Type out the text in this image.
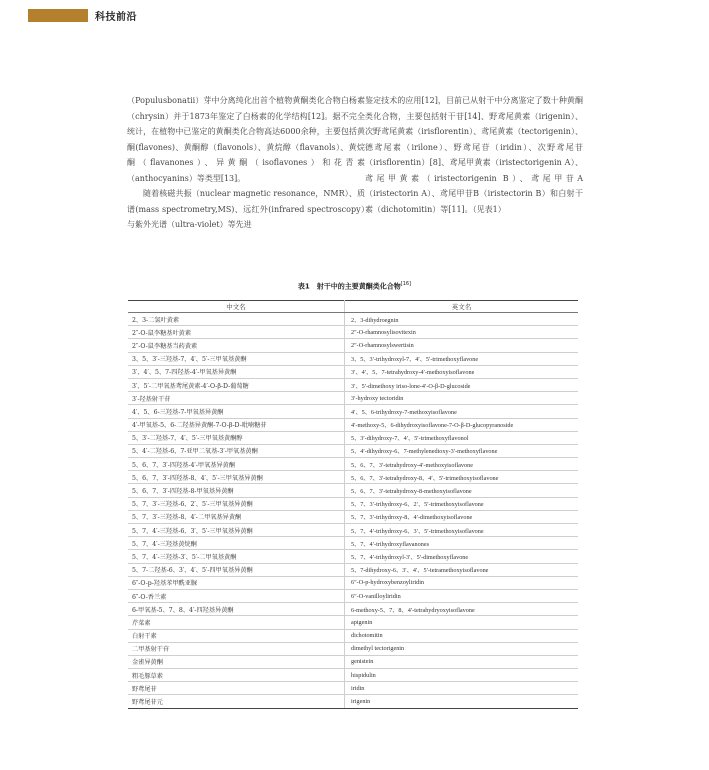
科技前沿

（Populusbonatii）芽中分离纯化出首个植物黄酮类化合物白杨素（chrysin）并于1873年鉴定了白杨素的化学结构[12]。据不完全统计，在植物中已鉴定的黄酮类化合物高达6000余种，主要包括黄酮(flavones)、黄酮醇（flavonols）、黄烷醇（flavanols）、黄烷酮（flavanones）、异黄酮（isoflavones）和花青素（anthocyanins）等类型[13]。

随着核磁共振（nuclear magnetic resonance，NMR）、质谱(mass spectrometry,MS)、远红外(infrared spectroscopy）与紫外光谱（ultra-violet）等先进

鉴定技术的应用[12]，目前已从射干中分离鉴定了数十种黄酮类化合物，主要包括射干苷[14]、野鸢尾黄素（irigenin）、次野鸢尾黄素（irisflorentin）、鸢尾黄素（tectorigenin）、德鸢尾素（irilone）、野鸢尾苷（iridin）、次野鸢尾苷（irisflorentin）[8]、鸢尾甲黄素（iristectorigenin A）、鸢尾甲黄素（iristectorigenin B）、鸢尾甲苷A（iristectorin A）、鸢尾甲苷B（iristectorin B）和白射干素（dichotomitin）等[11]。（见表1）

表1　射干中的主要黄酮类化合物[16]
中文名	英文名
2、3-二氢叶黄素	2、3-dihydroegnin
2″-O-鼠李糖基叶黄素	2″-O-rhamnosylisovitexin
2″-O-鼠李糖基当药黄素	2″-O-rhamnosylswertisin
3、5、3′-三羟基-7、4′、5′-三甲氧基黄酮	3、5、3′-trihydroxyl-7、4′、5′-trimethoxyflavone
3′、4′、5、7-四羟基-4′-甲氧基异黄酮	3′、4′、5、7-tetrahydroxy-4′-methoxyisoflavone
3′、5′-二甲氧基鸢尾黄素-4′-O-β-D-葡萄糖	3′、5′-dimethoxy iriso-lone-4′-O-β-D-glucoside
3′-羟基射干苷	3′-hydroxy tectoridin
4′、5、6-三羟基-7-甲氧基异黄酮	4′、5、6-trihydroxy-7-methoxyisoflavone
4′-甲氧基-5、6-二羟基异黄酮-7-O-β-D-吡喃糖苷	4′-methoxy-5、6-dihydroxyisoflavone-7-O-β-D-glucopyranoside
5、3′-二羟基-7、4′、5′-三甲氧基黄酮醇	5、3′-dihydroxy-7、4′、5′-trimethoxyflavonol
5、4′-二羟基-6、7-亚甲二氧基-3′-甲氧基黄酮	5、4′-dihydroxy-6、7-methylenedioxy-3′-methoxyflavone
5、6、7、3′-四羟基-4′-甲氧基异黄酮	5、6、7、3′-tetrahydroxy-4′-methoxyisoflavone
5、6、7、3′-四羟基-8、4′、5′-三甲氧基异黄酮	5、6、7、3′-tetrahydroxy-8、4′、5′-trimethoxyisoflavone
5、6、7、3′-四羟基-8-甲氧基异黄酮	5、6、7、3′-tetrahydroxy-8-methoxyisoflavone
5、7、3′-三羟基-6、2′、5′-三甲氧基异黄酮	5、7、3′-trihydroxy-6、2′、5′-trimethoxyisoflavone
5、7、3′-三羟基-8、4′-二甲氧基异黄酮	5、7、3′-trihydroxy-8、4′-dimethoxyisoflavone
5、7、4′-三羟基-6、3′、5′-三甲氧基异黄酮	5、7、4′-trihydroxy-6、3′、5′-trimethoxyisoflavone
5、7、4′-三羟基黄烷酮	5、7、4′-trihydroxyflavanones
5、7、4′-三羟基-3′、5′-二甲氧基黄酮	5、7、4′-trihydroxyl-3′、5′-dimethoxyflavone
5、7-二羟基-6、3′、4′、5′-四甲氧基异黄酮	5、7-dihydroxy-6、3′、4′、5′-tetramethoxyisoflavone
6″-O-p-羟基苯甲酰亚脲	6″-O-p-hydroxybenzoyliridin
6″-O-香兰素	6″-O-vanilloyliridin
6-甲氧基-5、7、8、4′-四羟基异黄酮	6-methoxy-5、7、8、4′-tetrahydryoxyisoflavone
芹菜素	apigenin
白射干素	dichotomitin
二甲基射干苷	dimethyl tectorigenin
金雀异黄酮	genistein
粗毛豚草素	hispidulin
野鸢尾苷	iridin
野鸢尾苷元	irigenin
